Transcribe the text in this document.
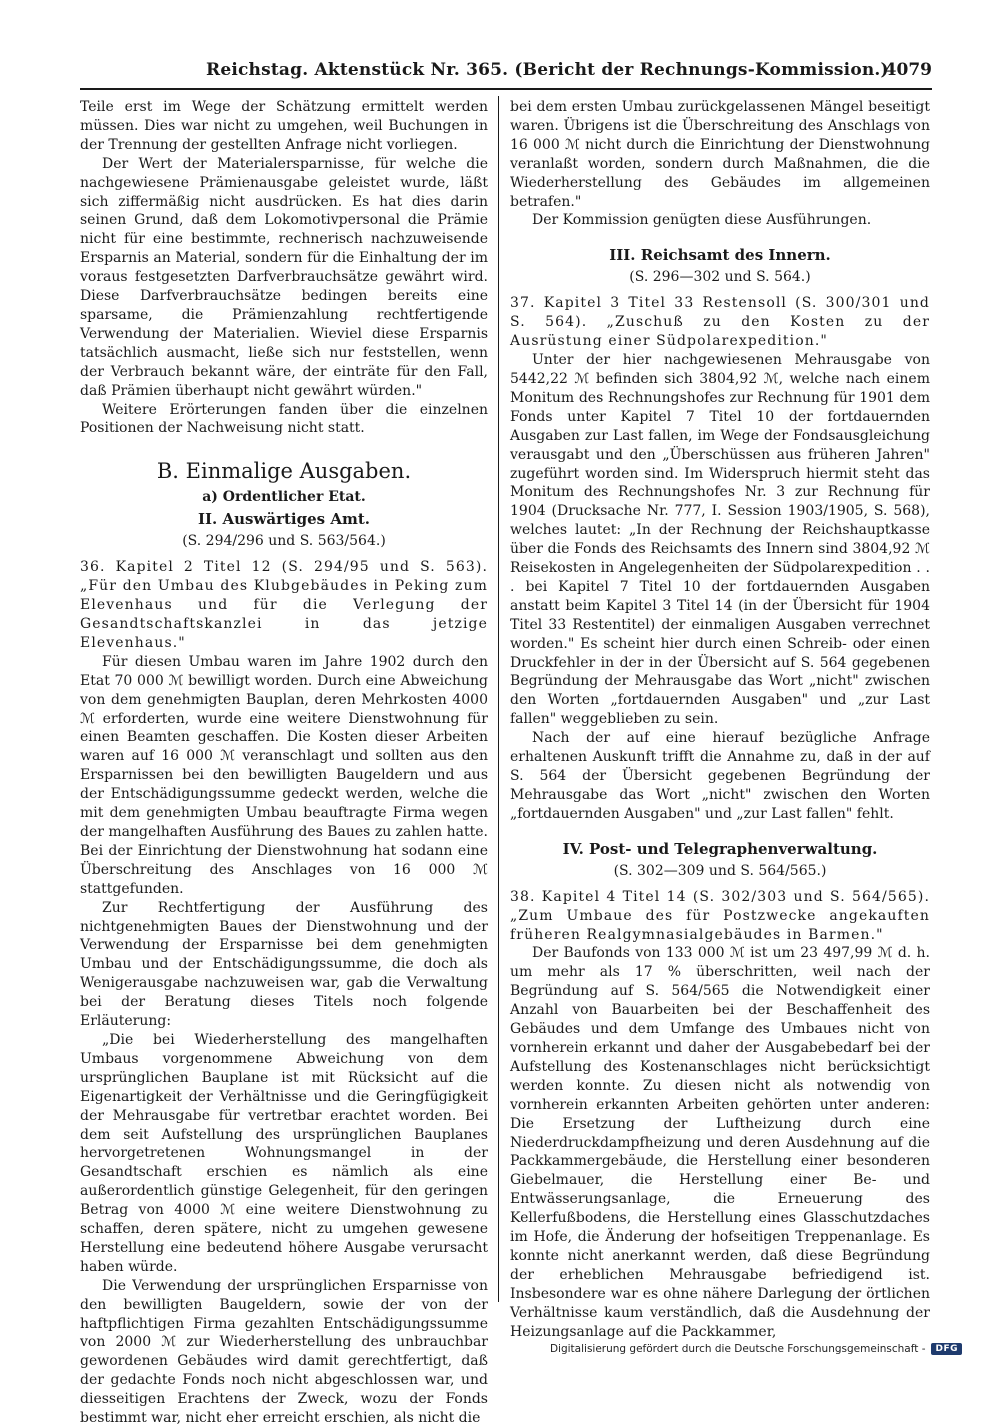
Reichstag. Aktenstück Nr. 365. (Bericht der Rechnungs-Kommission.)
4079

Teile erst im Wege der Schätzung ermittelt werden müssen. Dies war nicht zu umgehen, weil Buchungen in der Trennung der gestellten Anfrage nicht vorliegen.

Der Wert der Materialersparnisse, für welche die nachgewiesene Prämienausgabe geleistet wurde, läßt sich ziffermäßig nicht ausdrücken. Es hat dies darin seinen Grund, daß dem Lokomotivpersonal die Prämie nicht für eine bestimmte, rechnerisch nachzuweisende Ersparnis an Material, sondern für die Einhaltung der im voraus festgesetzten Darfverbrauchsätze gewährt wird. Diese Darfverbrauchsätze bedingen bereits eine sparsame, die Prämienzahlung rechtfertigende Verwendung der Materialien. Wieviel diese Ersparnis tatsächlich ausmacht, ließe sich nur feststellen, wenn der Verbrauch bekannt wäre, der einträte für den Fall, daß Prämien überhaupt nicht gewährt würden."

Weitere Erörterungen fanden über die einzelnen Positionen der Nachweisung nicht statt.

B. Einmalige Ausgaben.
a) Ordentlicher Etat.
II. Auswärtiges Amt.
(S. 294/296 und S. 563/564.)

36. Kapitel 2 Titel 12 (S. 294/95 und S. 563). „Für den Umbau des Klubgebäudes in Peking zum Elevenhaus und für die Verlegung der Gesandtschaftskanzlei in das jetzige Elevenhaus."

Für diesen Umbau waren im Jahre 1902 durch den Etat 70 000 ℳ bewilligt worden. Durch eine Abweichung von dem genehmigten Bauplan, deren Mehrkosten 4000 ℳ erforderten, wurde eine weitere Dienstwohnung für einen Beamten geschaffen. Die Kosten dieser Arbeiten waren auf 16 000 ℳ veranschlagt und sollten aus den Ersparnissen bei den bewilligten Baugeldern und aus der Entschädigungssumme gedeckt werden, welche die mit dem genehmigten Umbau beauftragte Firma wegen der mangelhaften Ausführung des Baues zu zahlen hatte. Bei der Einrichtung der Dienstwohnung hat sodann eine Überschreitung des Anschlages von 16 000 ℳ stattgefunden.

Zur Rechtfertigung der Ausführung des nichtgenehmigten Baues der Dienstwohnung und der Verwendung der Ersparnisse bei dem genehmigten Umbau und der Entschädigungssumme, die doch als Wenigerausgabe nachzuweisen war, gab die Verwaltung bei der Beratung dieses Titels noch folgende Erläuterung:

„Die bei Wiederherstellung des mangelhaften Umbaus vorgenommene Abweichung von dem ursprünglichen Bauplane ist mit Rücksicht auf die Eigenartigkeit der Verhältnisse und die Geringfügigkeit der Mehrausgabe für vertretbar erachtet worden. Bei dem seit Aufstellung des ursprünglichen Bauplanes hervorgetretenen Wohnungsmangel in der Gesandtschaft erschien es nämlich als eine außerordentlich günstige Gelegenheit, für den geringen Betrag von 4000 ℳ eine weitere Dienstwohnung zu schaffen, deren spätere, nicht zu umgehen gewesene Herstellung eine bedeutend höhere Ausgabe verursacht haben würde.

Die Verwendung der ursprünglichen Ersparnisse von den bewilligten Baugeldern, sowie der von der haftpflichtigen Firma gezahlten Entschädigungssumme von 2000 ℳ zur Wiederherstellung des unbrauchbar gewordenen Gebäudes wird damit gerechtfertigt, daß der gedachte Fonds noch nicht abgeschlossen war, und diesseitigen Erachtens der Zweck, wozu der Fonds bestimmt war, nicht eher erreicht erschien, als nicht die

bei dem ersten Umbau zurückgelassenen Mängel beseitigt waren. Übrigens ist die Überschreitung des Anschlags von 16 000 ℳ nicht durch die Einrichtung der Dienstwohnung veranlaßt worden, sondern durch Maßnahmen, die die Wiederherstellung des Gebäudes im allgemeinen betrafen."

Der Kommission genügten diese Ausführungen.

III. Reichsamt des Innern.
(S. 296—302 und S. 564.)

37. Kapitel 3 Titel 33 Restensoll (S. 300/301 und S. 564). „Zuschuß zu den Kosten zu der Ausrüstung einer Südpolarexpedition."

Unter der hier nachgewiesenen Mehrausgabe von 5442,22 ℳ befinden sich 3804,92 ℳ, welche nach einem Monitum des Rechnungshofes zur Rechnung für 1901 dem Fonds unter Kapitel 7 Titel 10 der fortdauernden Ausgaben zur Last fallen, im Wege der Fondsausgleichung verausgabt und den „Überschüssen aus früheren Jahren" zugeführt worden sind. Im Widerspruch hiermit steht das Monitum des Rechnungshofes Nr. 3 zur Rechnung für 1904 (Drucksache Nr. 777, I. Session 1903/1905, S. 568), welches lautet: „In der Rechnung der Reichshauptkasse über die Fonds des Reichsamts des Innern sind 3804,92 ℳ Reisekosten in Angelegenheiten der Südpolarexpedition . . . bei Kapitel 7 Titel 10 der fortdauernden Ausgaben anstatt beim Kapitel 3 Titel 14 (in der Übersicht für 1904 Titel 33 Restentitel) der einmaligen Ausgaben verrechnet worden." Es scheint hier durch einen Schreib- oder einen Druckfehler in der in der Übersicht auf S. 564 gegebenen Begründung der Mehrausgabe das Wort „nicht" zwischen den Worten „fortdauernden Ausgaben" und „zur Last fallen" weggeblieben zu sein.

Nach der auf eine hierauf bezügliche Anfrage erhaltenen Auskunft trifft die Annahme zu, daß in der auf S. 564 der Übersicht gegebenen Begründung der Mehrausgabe das Wort „nicht" zwischen den Worten „fortdauernden Ausgaben" und „zur Last fallen" fehlt.

IV. Post- und Telegraphenverwaltung.
(S. 302—309 und S. 564/565.)

38. Kapitel 4 Titel 14 (S. 302/303 und S. 564/565). „Zum Umbaue des für Postzwecke angekauften früheren Realgymnasialgebäudes in Barmen."

Der Baufonds von 133 000 ℳ ist um 23 497,99 ℳ d. h. um mehr als 17 % überschritten, weil nach der Begründung auf S. 564/565 die Notwendigkeit einer Anzahl von Bauarbeiten bei der Beschaffenheit des Gebäudes und dem Umfange des Umbaues nicht von vornherein erkannt und daher der Ausgabebedarf bei der Aufstellung des Kostenanschlages nicht berücksichtigt werden konnte. Zu diesen nicht als notwendig von vornherein erkannten Arbeiten gehörten unter anderen: Die Ersetzung der Luftheizung durch eine Niederdruckdampfheizung und deren Ausdehnung auf die Packkammergebäude, die Herstellung einer besonderen Giebelmauer, die Herstellung einer Be- und Entwässerungsanlage, die Erneuerung des Kellerfußbodens, die Herstellung eines Glasschutzdaches im Hofe, die Änderung der hofseitigen Treppenanlage. Es konnte nicht anerkannt werden, daß diese Begründung der erheblichen Mehrausgabe befriedigend ist. Insbesondere war es ohne nähere Darlegung der örtlichen Verhältnisse kaum verständlich, daß die Ausdehnung der Heizungsanlage auf die Packkammer,

Digitalisierung gefördert durch die Deutsche Forschungsgemeinschaft -	DFG
